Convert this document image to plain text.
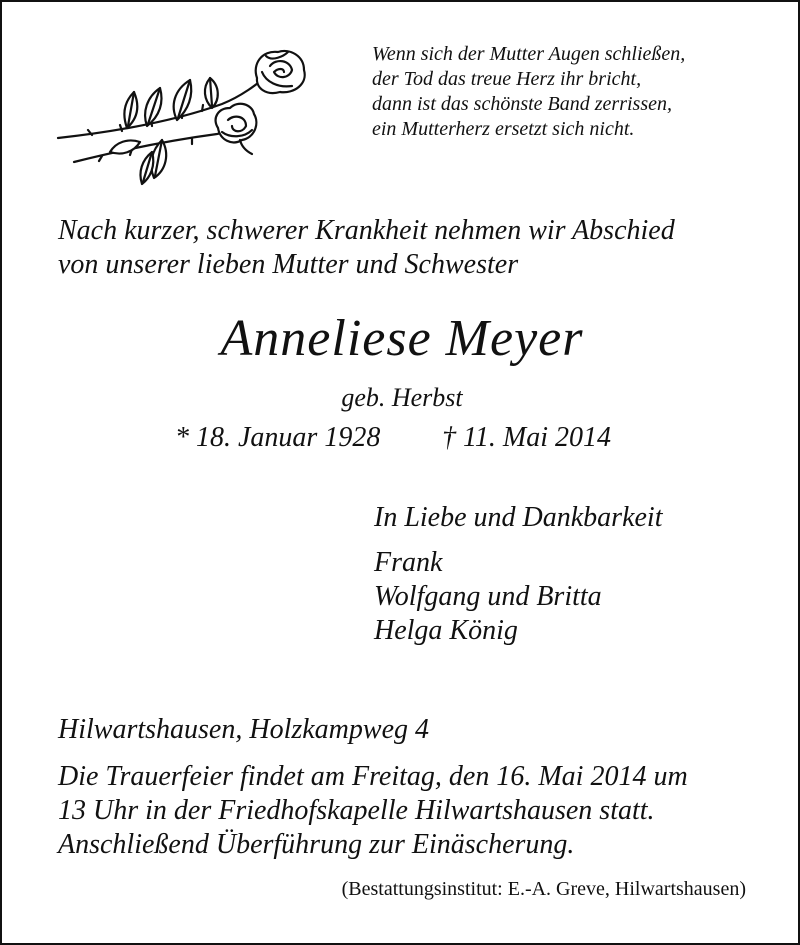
Wenn sich der Mutter Augen schließen,
der Tod das treue Herz ihr bricht,
dann ist das schönste Band zerrissen,
ein Mutterherz ersetzt sich nicht.
Nach kurzer, schwerer Krankheit nehmen wir Abschied
von unserer lieben Mutter und Schwester
Anneliese Meyer
geb. Herbst
* 18. Januar 1928 † 11. Mai 2014
In Liebe und Dankbarkeit
Frank
Wolfgang und Britta
Helga König
Hilwartshausen, Holzkampweg 4
Die Trauerfeier findet am Freitag, den 16. Mai 2014 um
13 Uhr in der Friedhofskapelle Hilwartshausen statt.
Anschließend Überführung zur Einäscherung.
(Bestattungsinstitut: E.-A. Greve, Hilwartshausen)
